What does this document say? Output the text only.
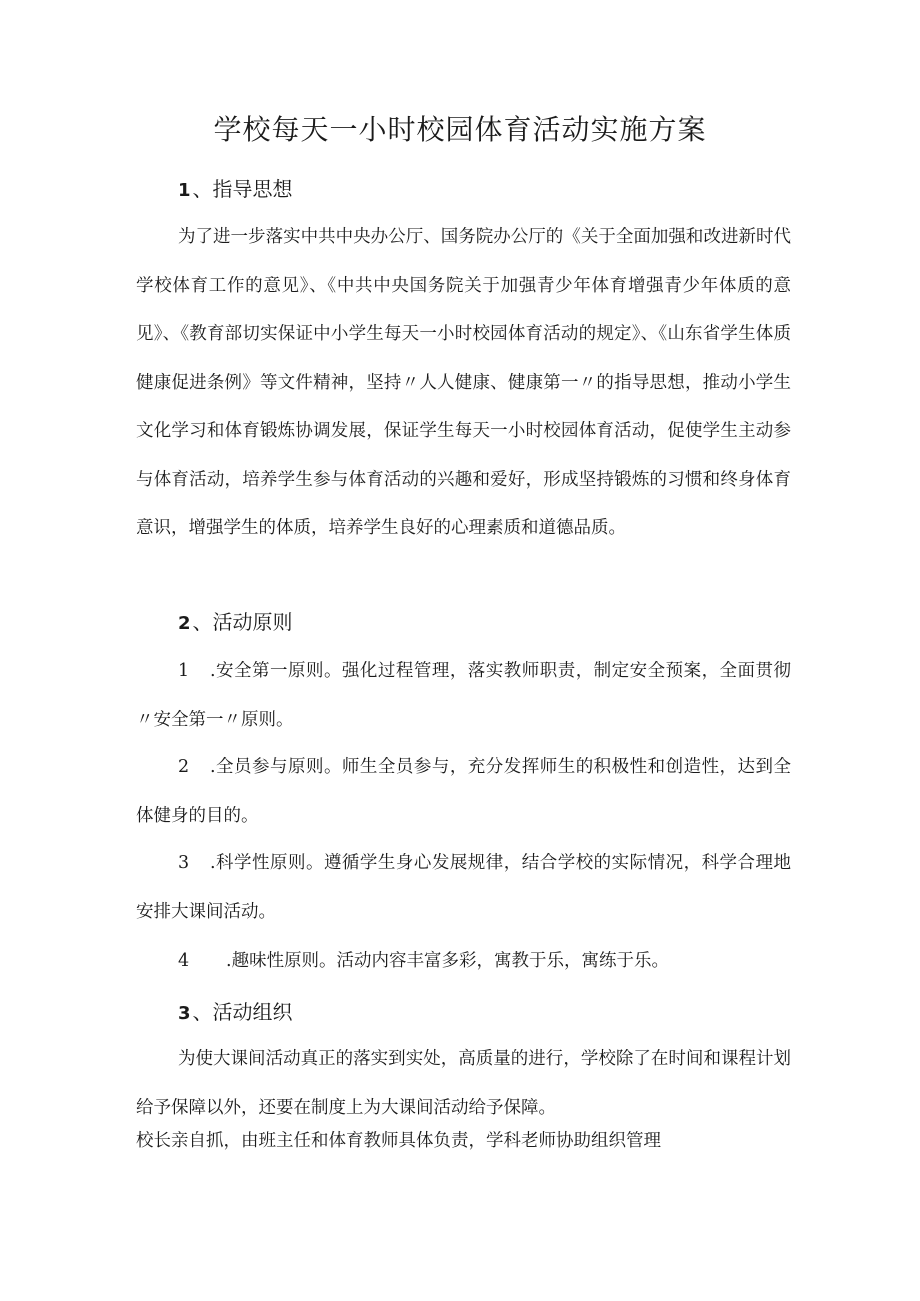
学校每天一小时校园体育活动实施方案
1 、指导思想
为了进一步落实中共中央办公厅、国务院办公厅的《关于全面加强和改进新时代学校体育工作的意见》、《中共中央国务院关于加强青少年体育增强青少年体质的意见》、《教育部切实保证中小学生每天一小时校园体育活动的规定》、《山东省学生体质健康促进条例》等文件精神，坚持〃人人健康、健康第一〃的指导思想，推动小学生文化学习和体育锻炼协调发展，保证学生每天一小时校园体育活动，促使学生主动参与体育活动，培养学生参与体育活动的兴趣和爱好，形成坚持锻炼的习惯和终身体育意识，增强学生的体质，培养学生良好的心理素质和道德品质。
2 、活动原则
1 .安全第一原则。强化过程管理，落实教师职责，制定安全预案，全面贯彻〃安全第一〃原则。
2 .全员参与原则。师生全员参与，充分发挥师生的积极性和创造性，达到全体健身的目的。
3 .科学性原则。遵循学生身心发展规律，结合学校的实际情况，科学合理地安排大课间活动。
4 .趣味性原则。活动内容丰富多彩，寓教于乐，寓练于乐。
3 、活动组织
为使大课间活动真正的落实到实处，高质量的进行，学校除了在时间和课程计划给予保障以外，还要在制度上为大课间活动给予保障。
校长亲自抓，由班主任和体育教师具体负责，学科老师协助组织管理
